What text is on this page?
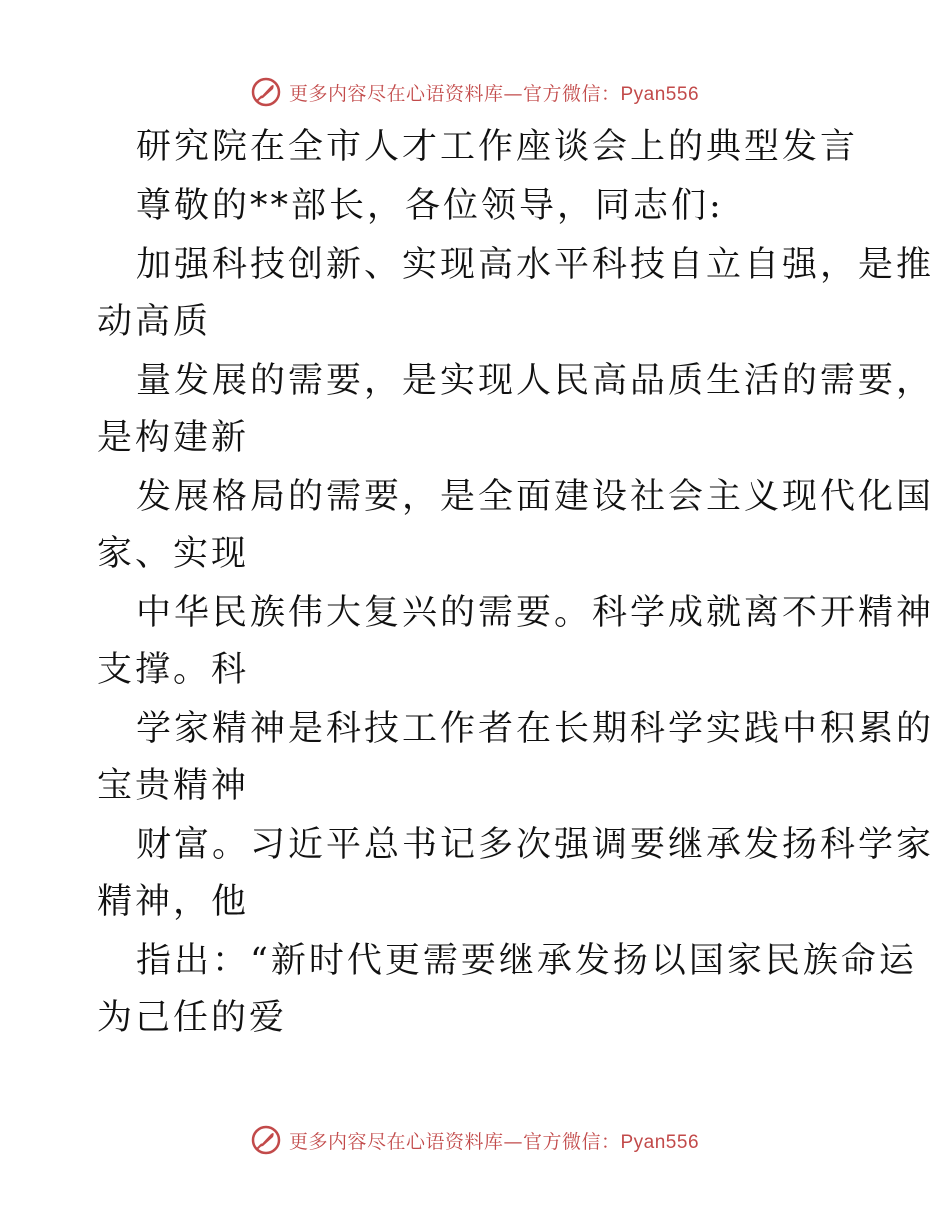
更多内容尽在心语资料库—官方微信：Pyan556
研究院在全市人才工作座谈会上的典型发言
尊敬的**部长，各位领导，同志们:
加强科技创新、实现高水平科技自立自强，是推
动高质
量发展的需要，是实现人民高品质生活的需要，
是构建新
发展格局的需要，是全面建设社会主义现代化国
家、实现
中华民族伟大复兴的需要。科学成就离不开精神
支撑。科
学家精神是科技工作者在长期科学实践中积累的
宝贵精神
财富。习近平总书记多次强调要继承发扬科学家
精神，他
指出：“新时代更需要继承发扬以国家民族命运
为己任的爱
更多内容尽在心语资料库—官方微信：Pyan556
